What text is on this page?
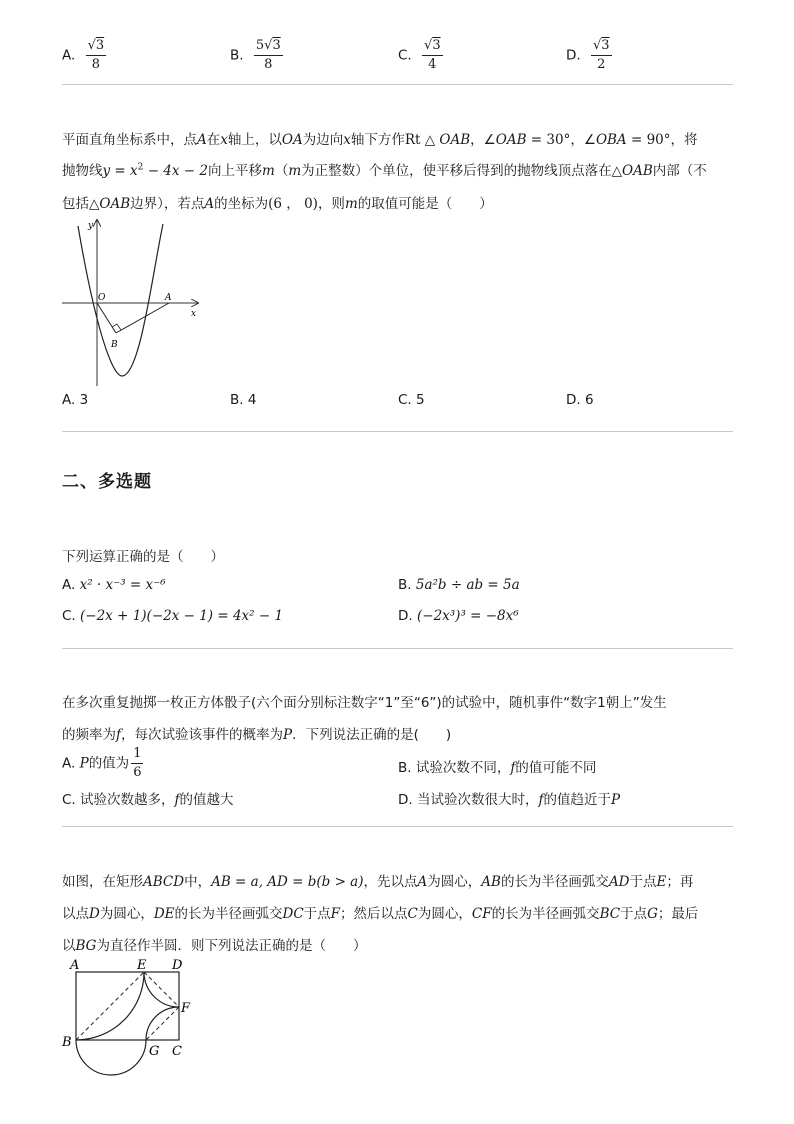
A. $\frac{√3}{8}$	B. $\frac{5√3}{8}$	C. $\frac{√3}{4}$	D. $\frac{√3}{2}$
平面直角坐标系中，点A在x轴上，以OA为边向x轴下方作Rt △ OAB，∠OAB = 30°，∠OBA = 90°，将
抛物线$y = x^2 - 4x - 2$向上平移m（m为正整数）个单位，使平移后得到的抛物线顶点落在△OAB内部（不
包括△OAB边界），若点A的坐标为(6 ， 0)，则m的取值可能是（　　）
y
O	A
x
B
A. 3	B. 4	C. 5	D. 6
二、多选题
下列运算正确的是（　　）
A. x² · x⁻³ = x⁻⁶	B. 5a²b ÷ ab = 5a
C. (−2x + 1)(−2x − 1) = 4x² − 1	D. (−2x³)³ = −8x⁶
在多次重复抛掷一枚正方体骰子(六个面分别标注数字“1”至“6”)的试验中，随机事件“数字1朝上”发生
的频率为f，每次试验该事件的概率为P．下列说法正确的是(　　)
A. P的值为 $\frac{1}{6}$	B. 试验次数不同，f的值可能不同
C. 试验次数越多，f的值越大	D. 当试验次数很大时，f的值趋近于P
如图，在矩形ABCD中，AB = a, AD = b(b > a)，先以点A为圆心，AB的长为半径画弧交AD于点E；再
以点D为圆心，DE的长为半径画弧交DC于点F；然后以点C为圆心，CF的长为半径画弧交BC于点G；最后
以BG为直径作半圆．则下列说法正确的是（　　）
A	E D
F
B
G C
